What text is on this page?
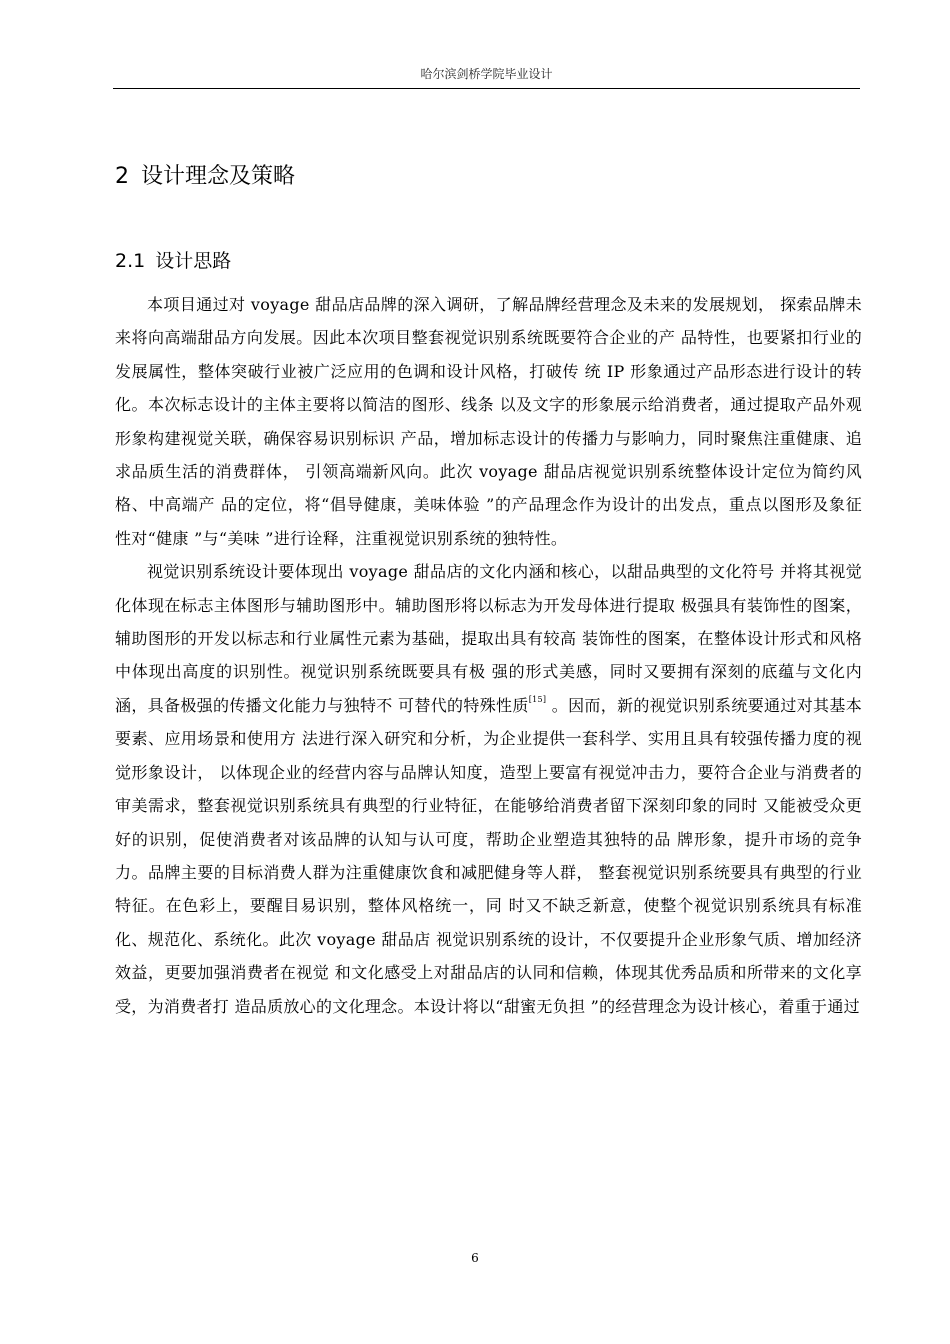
哈尔滨剑桥学院毕业设计
2 设计理念及策略
2.1 设计思路

本项目通过对 voyage 甜品店品牌的深入调研，了解品牌经营理念及未来的发展规划， 探索品牌未来将向高端甜品方向发展。因此本次项目整套视觉识别系统既要符合企业的产 品特性，也要紧扣行业的发展属性，整体突破行业被广泛应用的色调和设计风格，打破传 统 IP 形象通过产品形态进行设计的转化。本次标志设计的主体主要将以简洁的图形、线条 以及文字的形象展示给消费者，通过提取产品外观形象构建视觉关联，确保容易识别标识 产品，增加标志设计的传播力与影响力，同时聚焦注重健康、追求品质生活的消费群体， 引领高端新风向。此次 voyage 甜品店视觉识别系统整体设计定位为简约风格、中高端产 品的定位，将“倡导健康，美味体验 ”的产品理念作为设计的出发点，重点以图形及象征 性对“健康 ”与“美味 ”进行诠释，注重视觉识别系统的独特性。

视觉识别系统设计要体现出 voyage 甜品店的文化内涵和核心，以甜品典型的文化符号 并将其视觉化体现在标志主体图形与辅助图形中。辅助图形将以标志为开发母体进行提取 极强具有装饰性的图案，辅助图形的开发以标志和行业属性元素为基础，提取出具有较高 装饰性的图案，在整体设计形式和风格中体现出高度的识别性。视觉识别系统既要具有极 强的形式美感，同时又要拥有深刻的底蕴与文化内涵，具备极强的传播文化能力与独特不 可替代的特殊性质[15] 。因而，新的视觉识别系统要通过对其基本要素、应用场景和使用方 法进行深入研究和分析，为企业提供一套科学、实用且具有较强传播力度的视觉形象设计， 以体现企业的经营内容与品牌认知度，造型上要富有视觉冲击力，要符合企业与消费者的 审美需求，整套视觉识别系统具有典型的行业特征，在能够给消费者留下深刻印象的同时 又能被受众更好的识别，促使消费者对该品牌的认知与认可度，帮助企业塑造其独特的品 牌形象，提升市场的竞争力。品牌主要的目标消费人群为注重健康饮食和减肥健身等人群， 整套视觉识别系统要具有典型的行业特征。在色彩上，要醒目易识别，整体风格统一，同 时又不缺乏新意，使整个视觉识别系统具有标准化、规范化、系统化。此次 voyage 甜品店 视觉识别系统的设计，不仅要提升企业形象气质、增加经济效益，更要加强消费者在视觉 和文化感受上对甜品店的认同和信赖，体现其优秀品质和所带来的文化享受，为消费者打 造品质放心的文化理念。本设计将以“甜蜜无负担 ”的经营理念为设计核心，着重于通过

6
